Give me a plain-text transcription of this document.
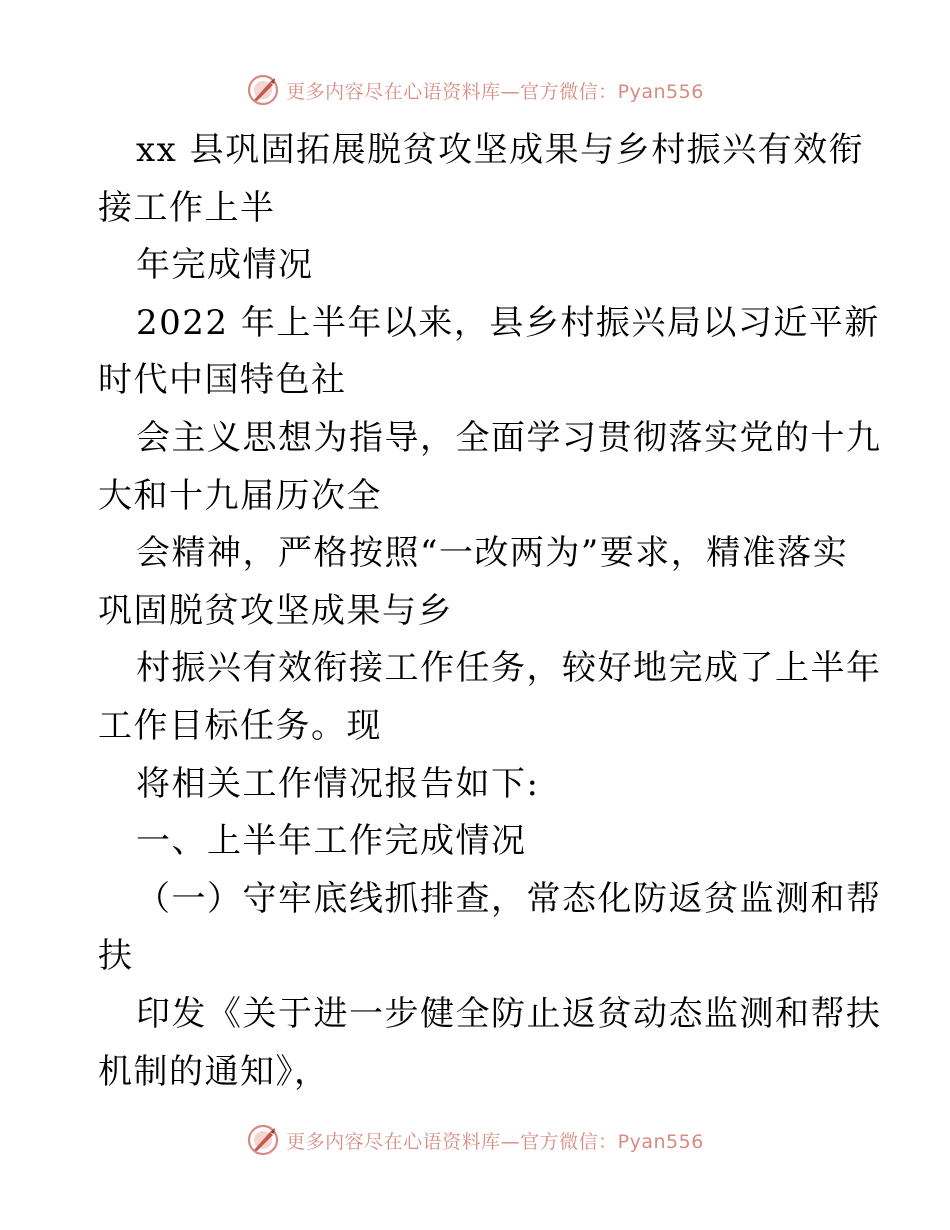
更多内容尽在心语资料库—官方微信：Pyan556
xx 县巩固拓展脱贫攻坚成果与乡村振兴有效衔
接工作上半
年完成情况
2022 年上半年以来，县乡村振兴局以习近平新
时代中国特色社
会主义思想为指导，全面学习贯彻落实党的十九
大和十九届历次全
会精神，严格按照“一改两为”要求，精准落实
巩固脱贫攻坚成果与乡
村振兴有效衔接工作任务，较好地完成了上半年
工作目标任务。现
将相关工作情况报告如下:
一、上半年工作完成情况
（一）守牢底线抓排查，常态化防返贫监测和帮
扶
印发《关于进一步健全防止返贫动态监测和帮扶
机制的通知》，
更多内容尽在心语资料库—官方微信：Pyan556
